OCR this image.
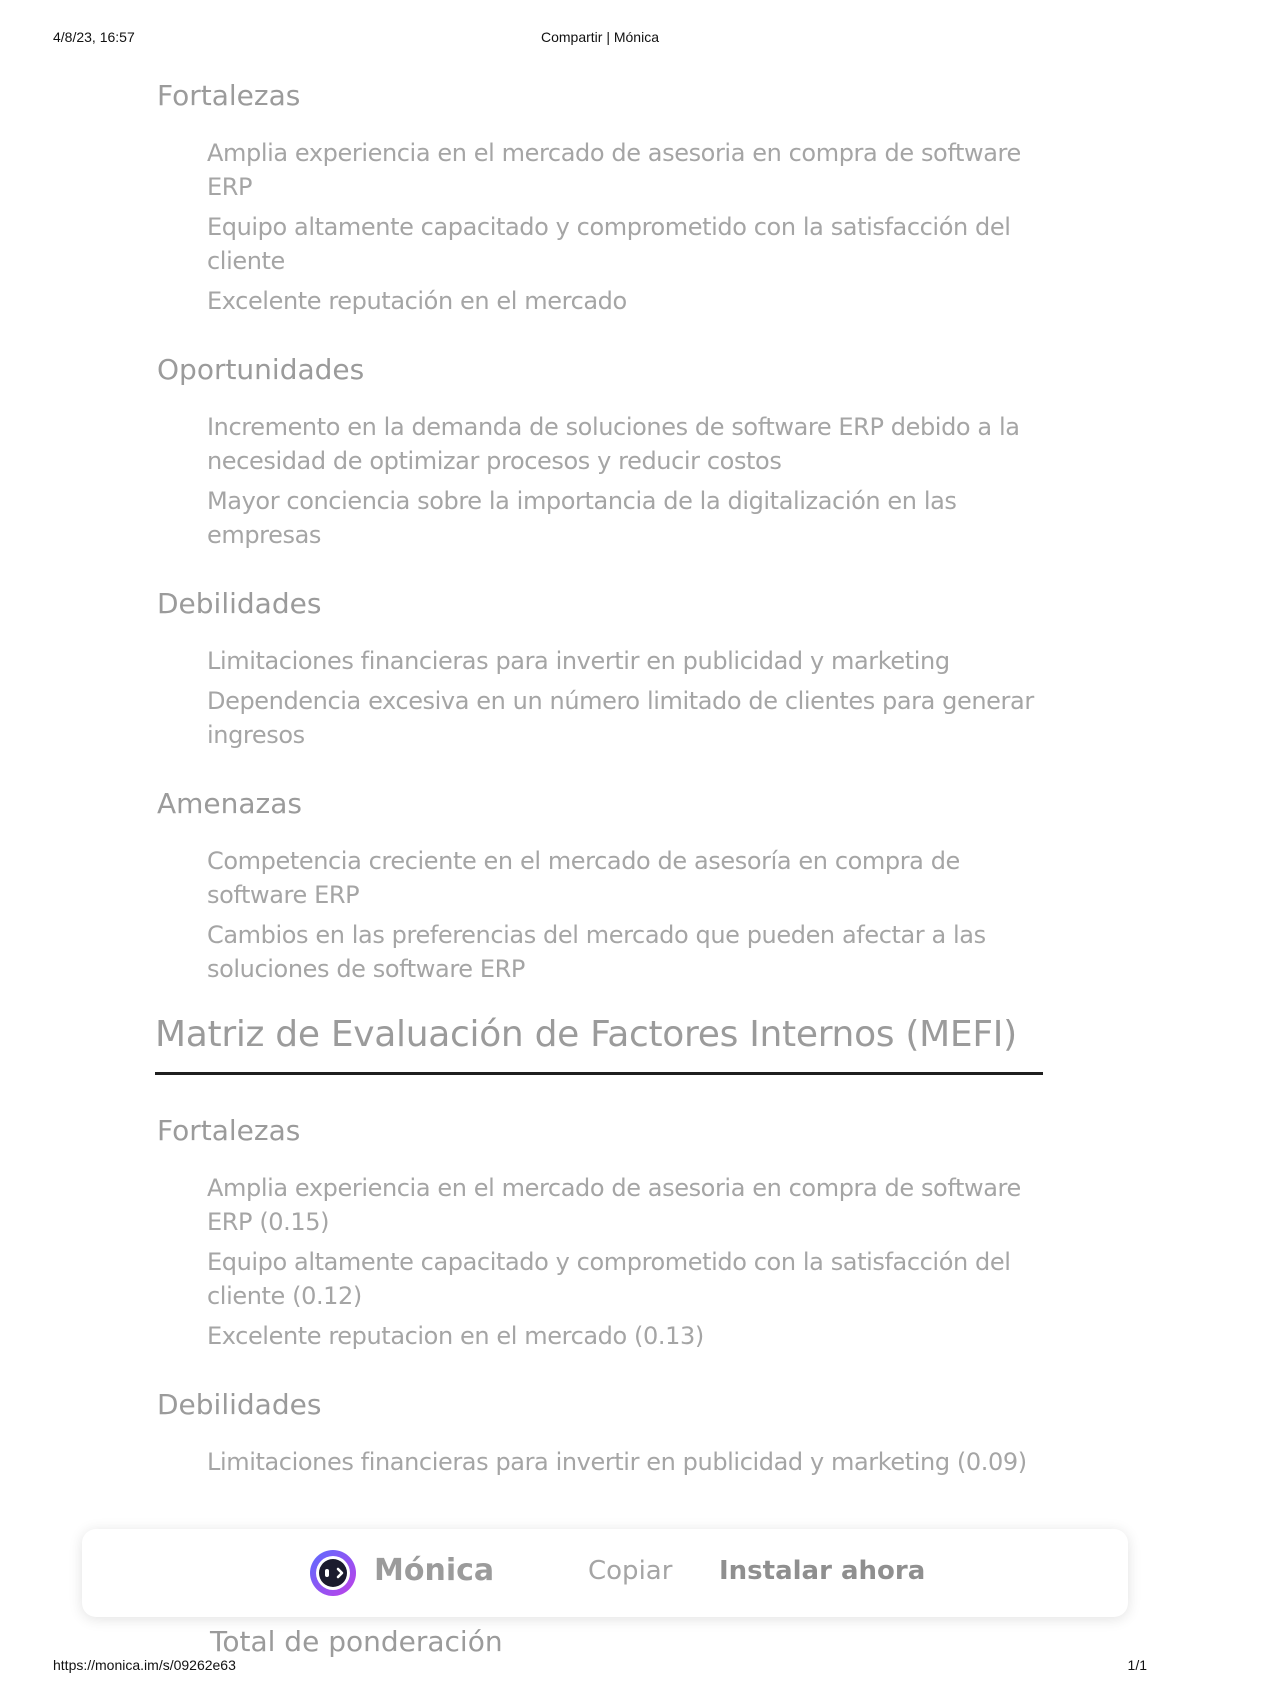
4/8/23, 16:57	Compartir | Mónica
Fortalezas
Amplia experiencia en el mercado de asesoria en compra de software ERP
Equipo altamente capacitado y comprometido con la satisfacción del cliente
Excelente reputación en el mercado
Oportunidades
Incremento en la demanda de soluciones de software ERP debido a la necesidad de optimizar procesos y reducir costos
Mayor conciencia sobre la importancia de la digitalización en las empresas
Debilidades
Limitaciones financieras para invertir en publicidad y marketing
Dependencia excesiva en un número limitado de clientes para generar ingresos
Amenazas
Competencia creciente en el mercado de asesoría en compra de software ERP
Cambios en las preferencias del mercado que pueden afectar a las soluciones de software ERP
Matriz de Evaluación de Factores Internos (MEFI)
Fortalezas
Amplia experiencia en el mercado de asesoria en compra de software ERP (0.15)
Equipo altamente capacitado y comprometido con la satisfacción del cliente (0.12)
Excelente reputacion en el mercado (0.13)
Debilidades
Limitaciones financieras para invertir en publicidad y marketing (0.09)
Total de ponderación
Mónica	Copiar Instalar ahora
https://monica.im/s/09262e63	1/1
